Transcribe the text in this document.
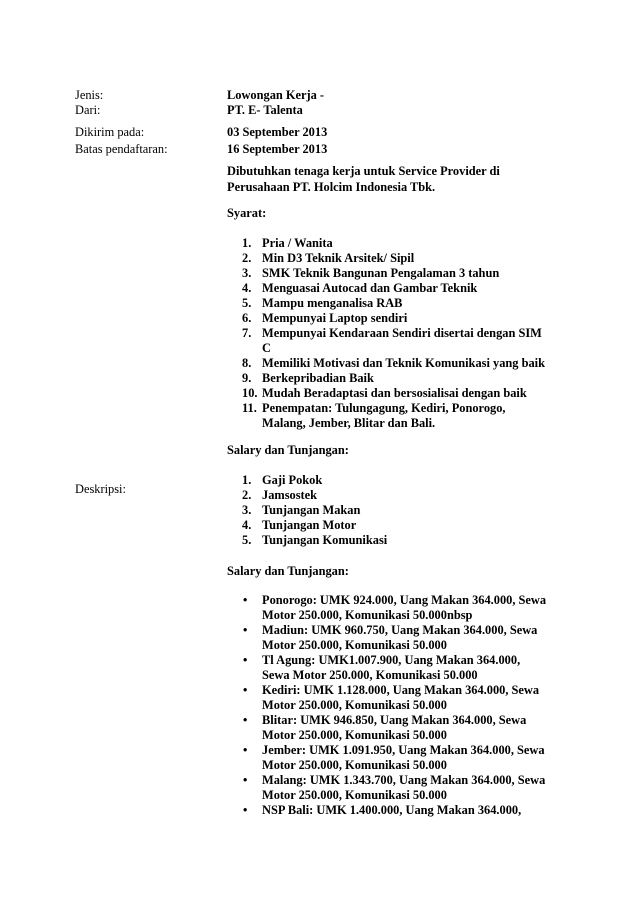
Jenis:	Lowongan Kerja -
Dari:	PT. E- Talenta
Dikirim pada:	03 September 2013
Batas pendaftaran:	16 September 2013
Deskripsi:
Dibutuhkan tenaga kerja untuk Service Provider di
Perusahaan PT. Holcim Indonesia Tbk.
Syarat:
1. Pria / Wanita
2. Min D3 Teknik Arsitek/ Sipil
3. SMK Teknik Bangunan Pengalaman 3 tahun
4. Menguasai Autocad dan Gambar Teknik
5. Mampu menganalisa RAB
6. Mempunyai Laptop sendiri
7. Mempunyai Kendaraan Sendiri disertai dengan SIM
C
8. Memiliki Motivasi dan Teknik Komunikasi yang baik
9. Berkepribadian Baik
10. Mudah Beradaptasi dan bersosialisai dengan baik
11. Penempatan: Tulungagung, Kediri, Ponorogo,
Malang, Jember, Blitar dan Bali.
Salary dan Tunjangan:
1. Gaji Pokok
2. Jamsostek
3. Tunjangan Makan
4. Tunjangan Motor
5. Tunjangan Komunikasi
Salary dan Tunjangan:
• Ponorogo: UMK 924.000, Uang Makan 364.000, Sewa
Motor 250.000, Komunikasi 50.000nbsp
• Madiun: UMK 960.750, Uang Makan 364.000, Sewa
Motor 250.000, Komunikasi 50.000
• Tl Agung: UMK1.007.900, Uang Makan 364.000,
Sewa Motor 250.000, Komunikasi 50.000
• Kediri: UMK 1.128.000, Uang Makan 364.000, Sewa
Motor 250.000, Komunikasi 50.000
• Blitar: UMK 946.850, Uang Makan 364.000, Sewa
Motor 250.000, Komunikasi 50.000
• Jember: UMK 1.091.950, Uang Makan 364.000, Sewa
Motor 250.000, Komunikasi 50.000
• Malang: UMK 1.343.700, Uang Makan 364.000, Sewa
Motor 250.000, Komunikasi 50.000
• NSP Bali: UMK 1.400.000, Uang Makan 364.000,
